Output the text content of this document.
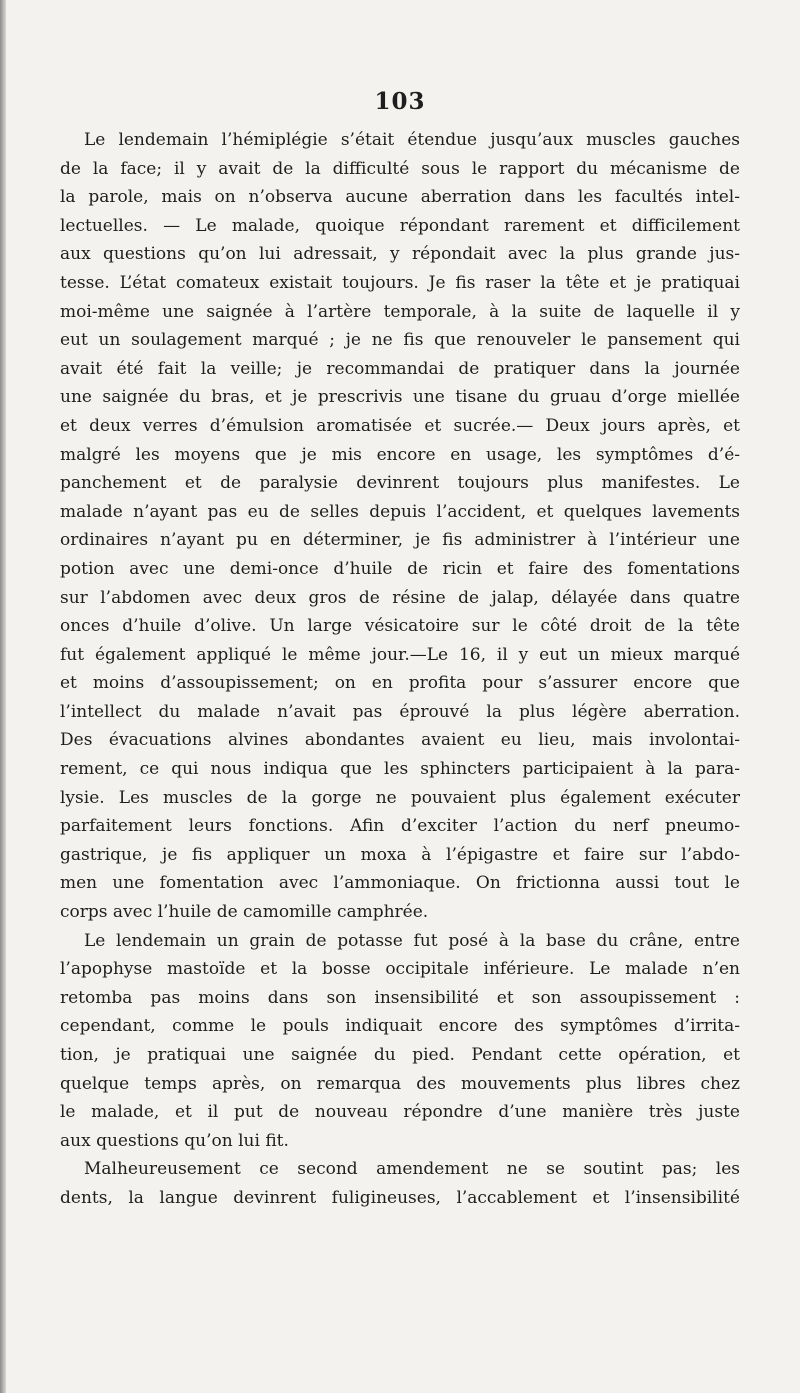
103
Le lendemain l’hémiplégie s’était étendue jusqu’aux muscles gauches
de la face; il y avait de la difficulté sous le rapport du mécanisme de
la parole, mais on n’observa aucune aberration dans les facultés intel-
lectuelles. — Le malade, quoique répondant rarement et difficilement
aux questions qu’on lui adressait, y répondait avec la plus grande jus-
tesse. L’état comateux existait toujours. Je fis raser la tête et je pratiquai
moi-même une saignée à l’artère temporale, à la suite de laquelle il y
eut un soulagement marqué ; je ne fis que renouveler le pansement qui
avait été fait la veille; je recommandai de pratiquer dans la journée
une saignée du bras, et je prescrivis une tisane du gruau d’orge miellée
et deux verres d’émulsion aromatisée et sucrée.— Deux jours après, et
malgré les moyens que je mis encore en usage, les symptômes d’é-
panchement et de paralysie devinrent toujours plus manifestes. Le
malade n’ayant pas eu de selles depuis l’accident, et quelques lavements
ordinaires n’ayant pu en déterminer, je fis administrer à l’intérieur une
potion avec une demi-once d’huile de ricin et faire des fomentations
sur l’abdomen avec deux gros de résine de jalap, délayée dans quatre
onces d’huile d’olive. Un large vésicatoire sur le côté droit de la tête
fut également appliqué le même jour.—Le 16, il y eut un mieux marqué
et moins d’assoupissement; on en profita pour s’assurer encore que
l’intellect du malade n’avait pas éprouvé la plus légère aberration.
Des évacuations alvines abondantes avaient eu lieu, mais involontai-
rement, ce qui nous indiqua que les sphincters participaient à la para-
lysie. Les muscles de la gorge ne pouvaient plus également exécuter
parfaitement leurs fonctions. Afin d’exciter l’action du nerf pneumo-
gastrique, je fis appliquer un moxa à l’épigastre et faire sur l’abdo-
men une fomentation avec l’ammoniaque. On frictionna aussi tout le
corps avec l’huile de camomille camphrée.
Le lendemain un grain de potasse fut posé à la base du crâne, entre
l’apophyse mastoïde et la bosse occipitale inférieure. Le malade n’en
retomba pas moins dans son insensibilité et son assoupissement :
cependant, comme le pouls indiquait encore des symptômes d’irrita-
tion, je pratiquai une saignée du pied. Pendant cette opération, et
quelque temps après, on remarqua des mouvements plus libres chez
le malade, et il put de nouveau répondre d’une manière très juste
aux questions qu’on lui fit.
Malheureusement ce second amendement ne se soutint pas; les
dents, la langue devinrent fuligineuses, l’accablement et l’insensibilité
